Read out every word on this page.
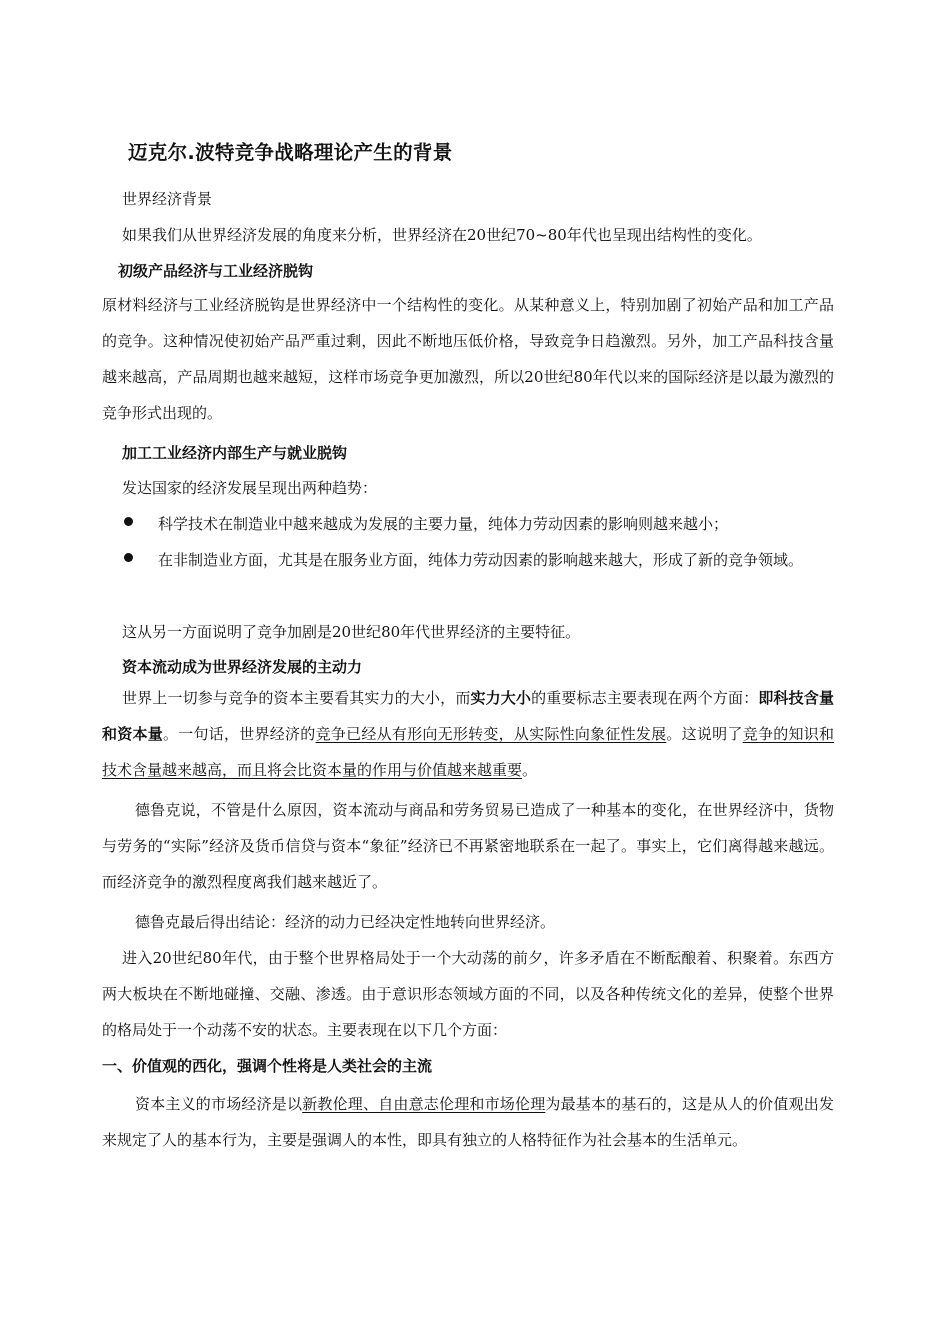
迈克尔.波特竞争战略理论产生的背景
世界经济背景
如果我们从世界经济发展的角度来分析，世界经济在20世纪70~80年代也呈现出结构性的变化。
初级产品经济与工业经济脱钩
原材料经济与工业经济脱钩是世界经济中一个结构性的变化。从某种意义上，特别加剧了初始产品和加工产品的竞争。这种情况使初始产品严重过剩，因此不断地压低价格，导致竞争日趋激烈。另外，加工产品科技含量越来越高，产品周期也越来越短，这样市场竞争更加激烈，所以20世纪80年代以来的国际经济是以最为激烈的竞争形式出现的。
加工工业经济内部生产与就业脱钩
发达国家的经济发展呈现出两种趋势：
科学技术在制造业中越来越成为发展的主要力量，纯体力劳动因素的影响则越来越小；
在非制造业方面，尤其是在服务业方面，纯体力劳动因素的影响越来越大，形成了新的竞争领域。
这从另一方面说明了竞争加剧是20世纪80年代世界经济的主要特征。
资本流动成为世界经济发展的主动力
世界上一切参与竞争的资本主要看其实力的大小，而实力大小的重要标志主要表现在两个方面：即科技含量和资本量。一句话，世界经济的竞争已经从有形向无形转变，从实际性向象征性发展。这说明了竞争的知识和技术含量越来越高，而且将会比资本量的作用与价值越来越重要。
德鲁克说，不管是什么原因，资本流动与商品和劳务贸易已造成了一种基本的变化，在世界经济中，货物与劳务的“实际”经济及货币信贷与资本“象征”经济已不再紧密地联系在一起了。事实上，它们离得越来越远。而经济竞争的激烈程度离我们越来越近了。
德鲁克最后得出结论：经济的动力已经决定性地转向世界经济。
进入20世纪80年代，由于整个世界格局处于一个大动荡的前夕，许多矛盾在不断酝酿着、积聚着。东西方两大板块在不断地碰撞、交融、渗透。由于意识形态领域方面的不同，以及各种传统文化的差异，使整个世界的格局处于一个动荡不安的状态。主要表现在以下几个方面：
一、价值观的西化，强调个性将是人类社会的主流
资本主义的市场经济是以新教伦理、自由意志伦理和市场伦理为最基本的基石的，这是从人的价值观出发来规定了人的基本行为，主要是强调人的本性，即具有独立的人格特征作为社会基本的生活单元。
